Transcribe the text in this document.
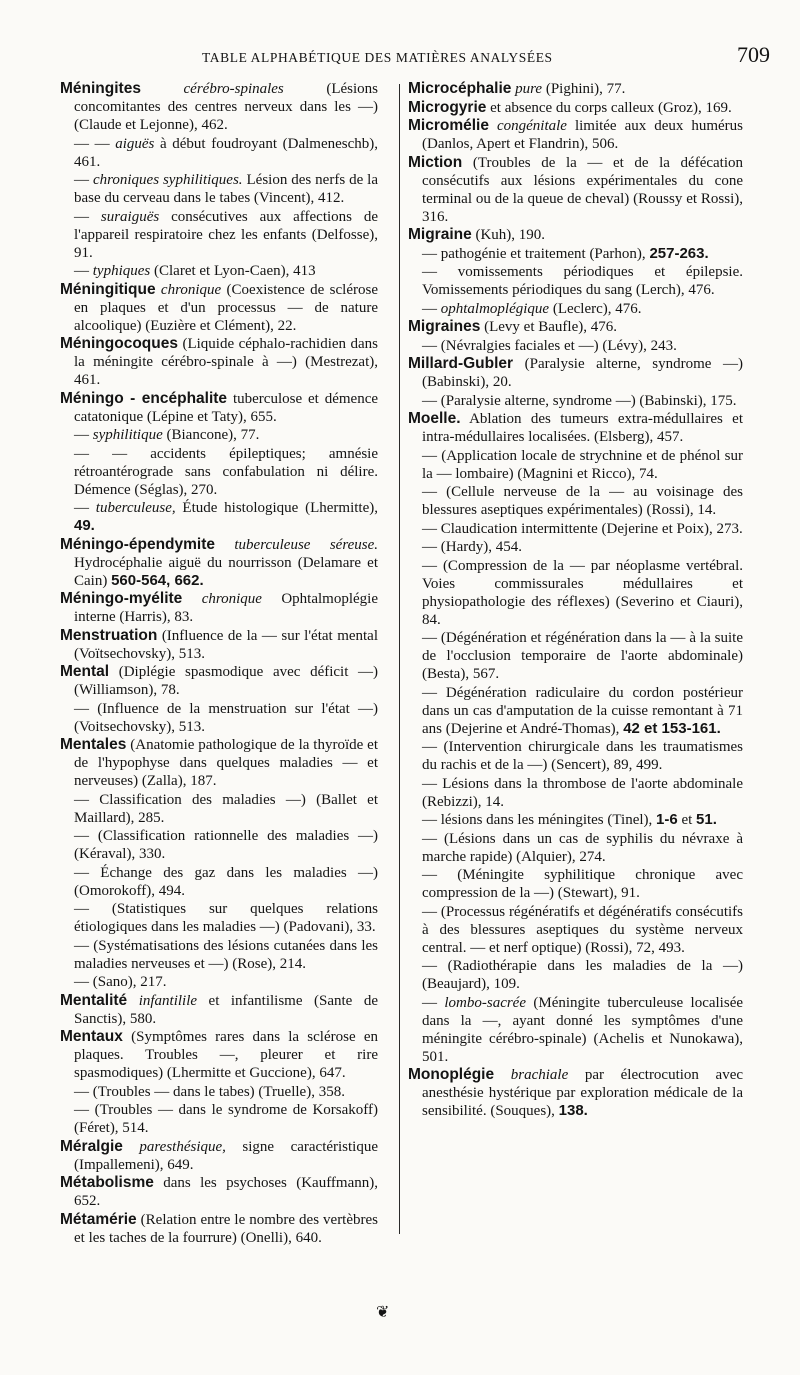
TABLE ALPHABÉTIQUE DES MATIÈRES ANALYSÉES	709
Méningites	cérébro-spinales	(Lésions concomitantes des centres nerveux dans les —) (Claude et Lejonne), 462.
— — aiguës à début foudroyant (Dalmeneschb), 461.
— chroniques syphilitiques. Lésion des nerfs de la base du cerveau dans le tabes (Vincent), 412.
— suraiguës consécutives aux affections de l'appareil respiratoire chez les enfants (Delfosse), 91.
— typhiques (Claret et Lyon-Caen), 413
Méningitique chronique (Coexistence de sclérose en plaques et d'un processus — de nature alcoolique) (Euzière et Clément), 22.
Méningocoques (Liquide céphalo-rachidien dans la méningite cérébro-spinale à —) (Mestrezat), 461.
Méningo - encéphalite tuberculose et démence catatonique (Lépine et Taty), 655.
— syphilitique (Biancone), 77.
— — accidents épileptiques; amnésie rétroantérograde sans confabulation ni délire. Démence (Séglas), 270.
— tuberculeuse, Étude histologique (Lhermitte), 49.
Méningo-épendymite tuberculeuse séreuse. Hydrocéphalie aiguë du nourrisson (Delamare et Cain) 560-564, 662.
Méningo-myélite chronique Ophtalmoplégie interne (Harris), 83.
Menstruation (Influence de la — sur l'état mental (Voïtsechovsky), 513.
Mental (Diplégie spasmodique avec déficit —) (Williamson), 78.
— (Influence de la menstruation sur l'état —) (Voitsechovsky), 513.
Mentales (Anatomie pathologique de la thyroïde et de l'hypophyse dans quelques maladies — et nerveuses) (Zalla), 187.
— Classification des maladies —) (Ballet et Maillard), 285.
— (Classification rationnelle des maladies —) (Kéraval), 330.
— Échange des gaz dans les maladies —) (Omorokoff), 494.
— (Statistiques sur quelques relations étiologiques dans les maladies —) (Padovani), 33.
— (Systématisations des lésions cutanées dans les maladies nerveuses et —) (Rose), 214.
— (Sano), 217.
Mentalité infantilile et infantilisme (Sante de Sanctis), 580.
Mentaux (Symptômes rares dans la sclérose en plaques. Troubles —, pleurer et rire spasmodiques) (Lhermitte et Guccione), 647.
— (Troubles — dans le tabes) (Truelle), 358.
— (Troubles — dans le syndrome de Korsakoff) (Féret), 514.
Méralgie paresthésique, signe caractéristique (Impallemeni), 649.
Métabolisme dans les psychoses (Kauffmann), 652.
Métamérie (Relation entre le nombre des vertèbres et les taches de la fourrure) (Onelli), 640.
Microcéphalie pure (Pighini), 77.
Microgyrie et absence du corps calleux (Groz), 169.
Micromélie congénitale limitée aux deux humérus (Danlos, Apert et Flandrin), 506.
Miction (Troubles de la — et de la défécation consécutifs aux lésions expérimentales du cone terminal ou de la queue de cheval) (Roussy et Rossi), 316.
Migraine (Kuh), 190.
— pathogénie et traitement (Parhon), 257-263.
— vomissements périodiques et épilepsie. Vomissements périodiques du sang (Lerch), 476.
— ophtalmoplégique (Leclerc), 476.
Migraines (Levy et Baufle), 476.
— (Névralgies faciales et —) (Lévy), 243.
Millard-Gubler (Paralysie alterne, syndrome —) (Babinski), 20.
— (Paralysie alterne, syndrome —) (Babinski), 175.
Moelle. Ablation des tumeurs extra-médullaires et intra-médullaires localisées. (Elsberg), 457.
— (Application locale de strychnine et de phénol sur la — lombaire) (Magnini et Ricco), 74.
— (Cellule nerveuse de la — au voisinage des blessures aseptiques expérimentales) (Rossi), 14.
— Claudication intermittente (Dejerine et Poix), 273.
— (Hardy), 454.
— (Compression de la — par néoplasme vertébral. Voies commissurales médullaires et physiopathologie des réflexes) (Severino et Ciauri), 84.
— (Dégénération et régénération dans la — à la suite de l'occlusion temporaire de l'aorte abdominale) (Besta), 567.
— Dégénération radiculaire du cordon postérieur dans un cas d'amputation de la cuisse remontant à 71 ans (Dejerine et André-Thomas), 42 et 153-161.
— (Intervention chirurgicale dans les traumatismes du rachis et de la —) (Sencert), 89, 499.
— Lésions dans la thrombose de l'aorte abdominale (Rebizzi), 14.
— lésions dans les méningites (Tinel), 1-6 et 51.
— (Lésions dans un cas de syphilis du névraxe à marche rapide) (Alquier), 274.
— (Méningite syphilitique chronique avec compression de la —) (Stewart), 91.
— (Processus régénératifs et dégénératifs consécutifs à des blessures aseptiques du système nerveux central. — et nerf optique) (Rossi), 72, 493.
— (Radiothérapie dans les maladies de la —) (Beaujard), 109.
— lombo-sacrée (Méningite tuberculeuse localisée dans la —, ayant donné les symptômes d'une méningite cérébro-spinale) (Achelis et Nunokawa), 501.
Monoplégie brachiale par électrocution avec anesthésie hystérique par exploration médicale de la sensibilité. (Souques), 138.
❦
